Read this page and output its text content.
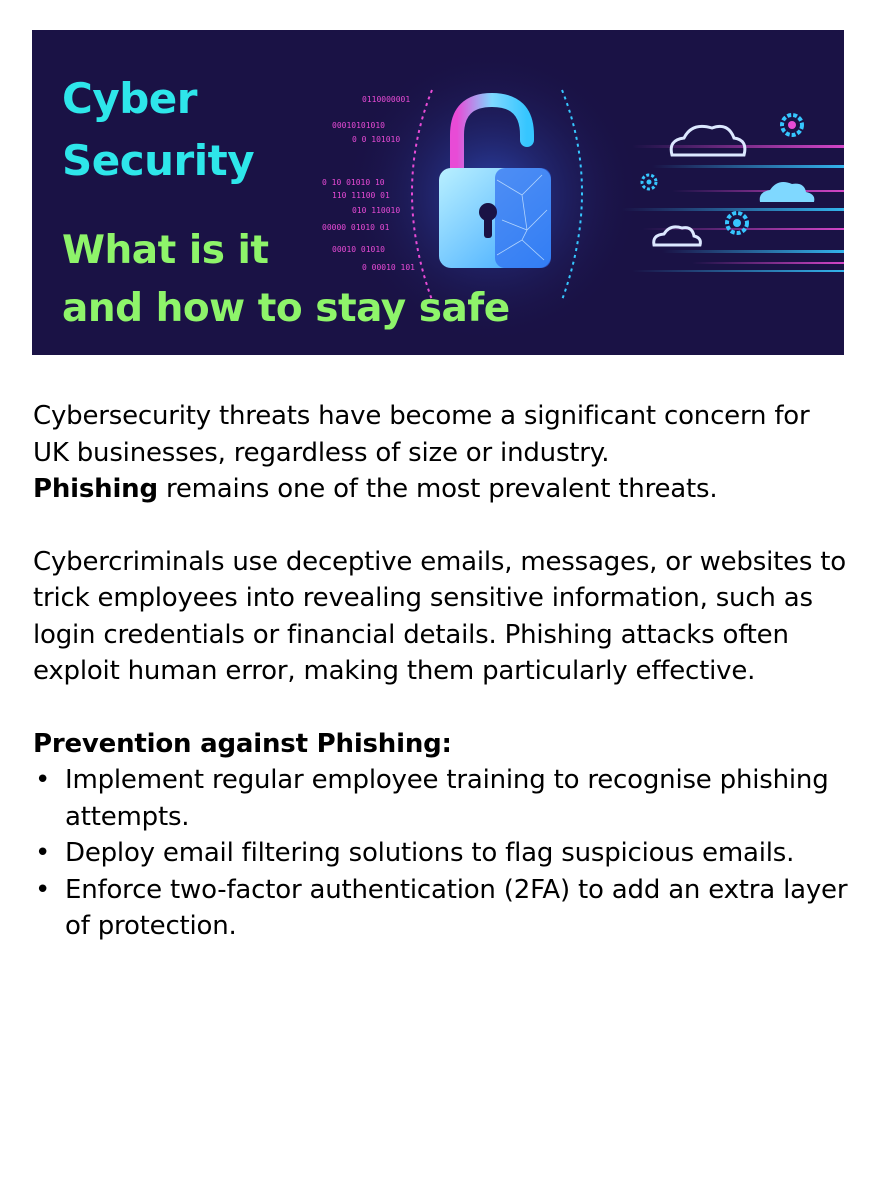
0110000001
00010101010
0 0 101010
0 10 01010 10
110 11100 01
010 110010
00000 01010 01
00010 01010
0 00010 101
Cyber
Security
What is it
and how to stay safe

Cybersecurity threats have become a significant concern for UK businesses, regardless of size or industry.
Phishing remains one of the most prevalent threats.

Cybercriminals use deceptive emails, messages, or websites to trick employees into revealing sensitive information, such as login credentials or financial details. Phishing attacks often exploit human error, making them particularly effective.

Prevention against Phishing:
• Implement regular employee training to recognise phishing attempts.
• Deploy email filtering solutions to flag suspicious emails.
• Enforce two-factor authentication (2FA) to add an extra layer of protection.
